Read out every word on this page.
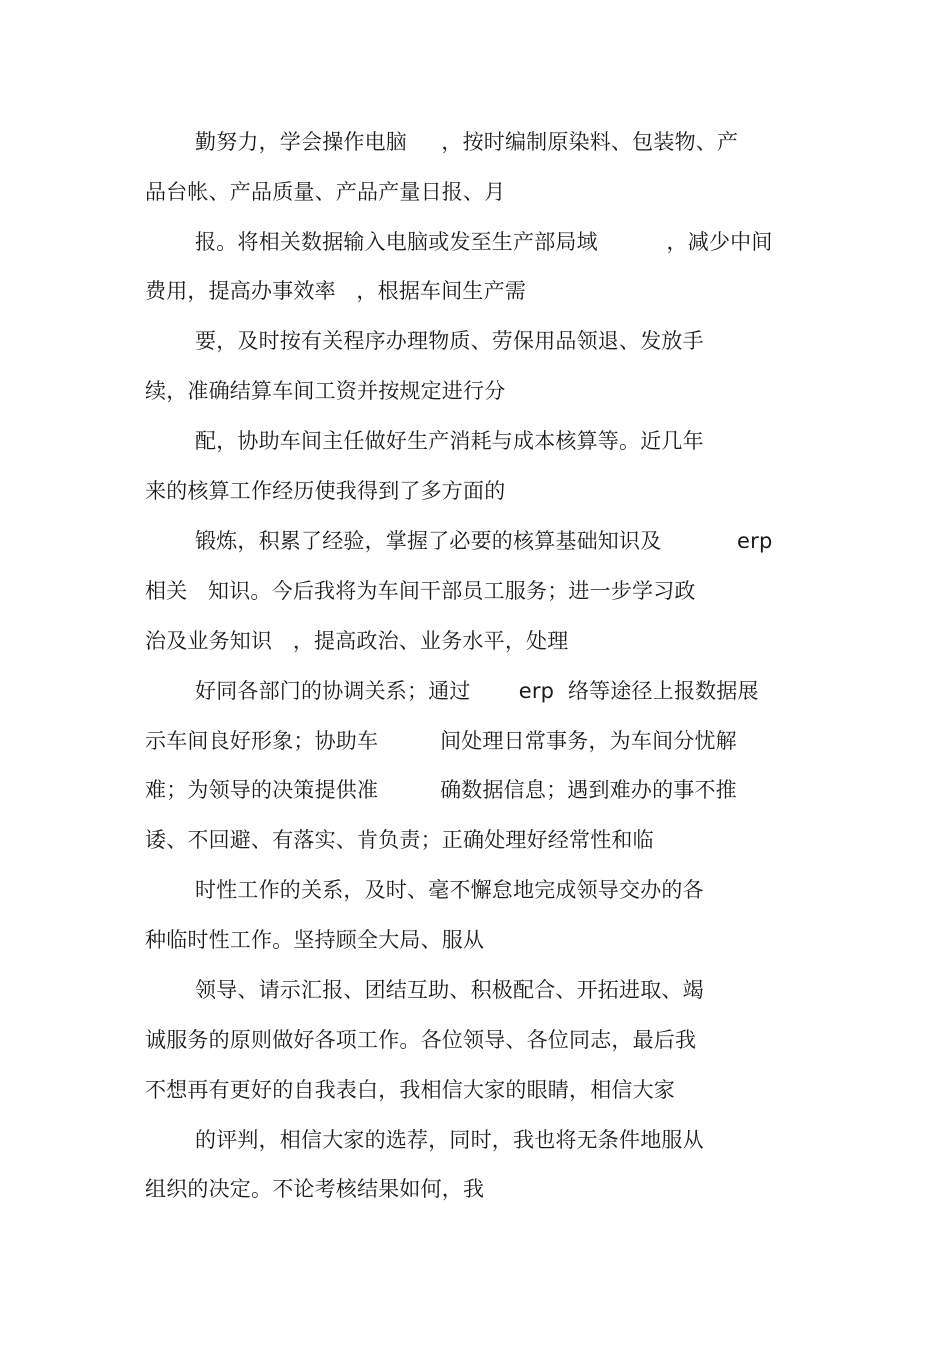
勤努力，学会操作电脑     ，按时编制原染料、包装物、产
品台帐、产品质量、产品产量日报、月
报。将相关数据输入电脑或发至生产部局域          ，减少中间
费用，提高办事效率   ，根据车间生产需
要，及时按有关程序办理物质、劳保用品领退、发放手
续，准确结算车间工资并按规定进行分
配，协助车间主任做好生产消耗与成本核算等。近几年
来的核算工作经历使我得到了多方面的
锻炼，积累了经验，掌握了必要的核算基础知识及           erp
相关   知识。今后我将为车间干部员工服务；进一步学习政
治及业务知识   ，提高政治、业务水平，处理
好同各部门的协调关系；通过       erp  络等途径上报数据展
示车间良好形象；协助车         间处理日常事务，为车间分忧解
难；为领导的决策提供准         确数据信息；遇到难办的事不推
诿、不回避、有落实、肯负责；正确处理好经常性和临
时性工作的关系，及时、毫不懈怠地完成领导交办的各
种临时性工作。坚持顾全大局、服从
领导、请示汇报、团结互助、积极配合、开拓进取、竭
诚服务的原则做好各项工作。各位领导、各位同志，最后我
不想再有更好的自我表白，我相信大家的眼睛，相信大家
的评判，相信大家的选荐，同时，我也将无条件地服从
组织的决定。不论考核结果如何，我
